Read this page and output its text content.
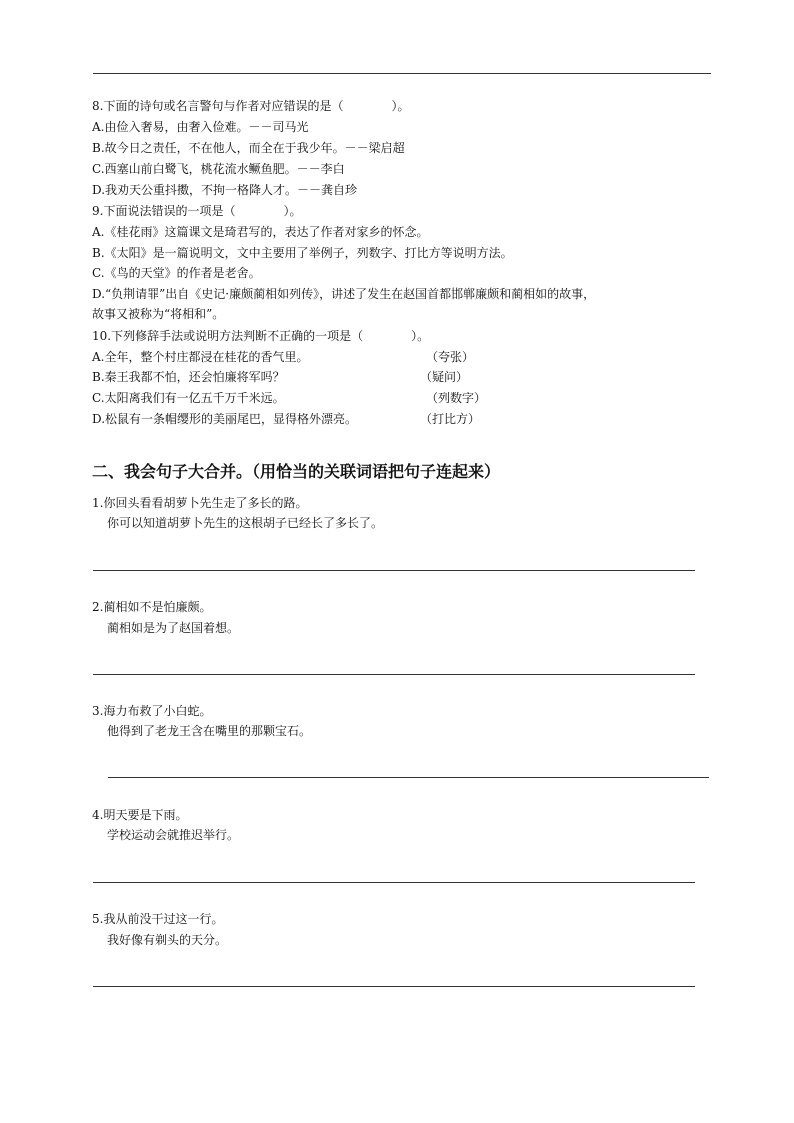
8.下面的诗句或名言警句与作者对应错误的是（　　　　）。
A.由俭入奢易，由奢入俭难。－－司马光
B.故今日之责任，不在他人，而全在于我少年。－－梁启超
C.西塞山前白鹭飞，桃花流水鳜鱼肥。－－李白
D.我劝天公重抖擞，不拘一格降人才。－－龚自珍
9.下面说法错误的一项是（　　　　）。
A.《桂花雨》这篇课文是琦君写的，表达了作者对家乡的怀念。
B.《太阳》是一篇说明文，文中主要用了举例子，列数字、打比方等说明方法。
C.《鸟的天堂》的作者是老舍。
D.“负荆请罪”出自《史记·廉颇蔺相如列传》，讲述了发生在赵国首都邯郸廉颇和蔺相如的故事，
故事又被称为“将相和”。
10.下列修辞手法或说明方法判断不正确的一项是（　　　　）。
A.全年，整个村庄都浸在桂花的香气里。	（夸张）
B.秦王我都不怕，还会怕廉将军吗？	（疑问）
C.太阳离我们有一亿五千万千米远。	（列数字）
D.松鼠有一条帽缨形的美丽尾巴，显得格外漂亮。	（打比方）
二、我会句子大合并。（用恰当的关联词语把句子连起来）
1.你回头看看胡萝卜先生走了多长的路。
你可以知道胡萝卜先生的这根胡子已经长了多长了。
2.蔺相如不是怕廉颇。
蔺相如是为了赵国着想。
3.海力布救了小白蛇。
他得到了老龙王含在嘴里的那颗宝石。
4.明天要是下雨。
学校运动会就推迟举行。
5.我从前没干过这一行。
我好像有剃头的天分。
